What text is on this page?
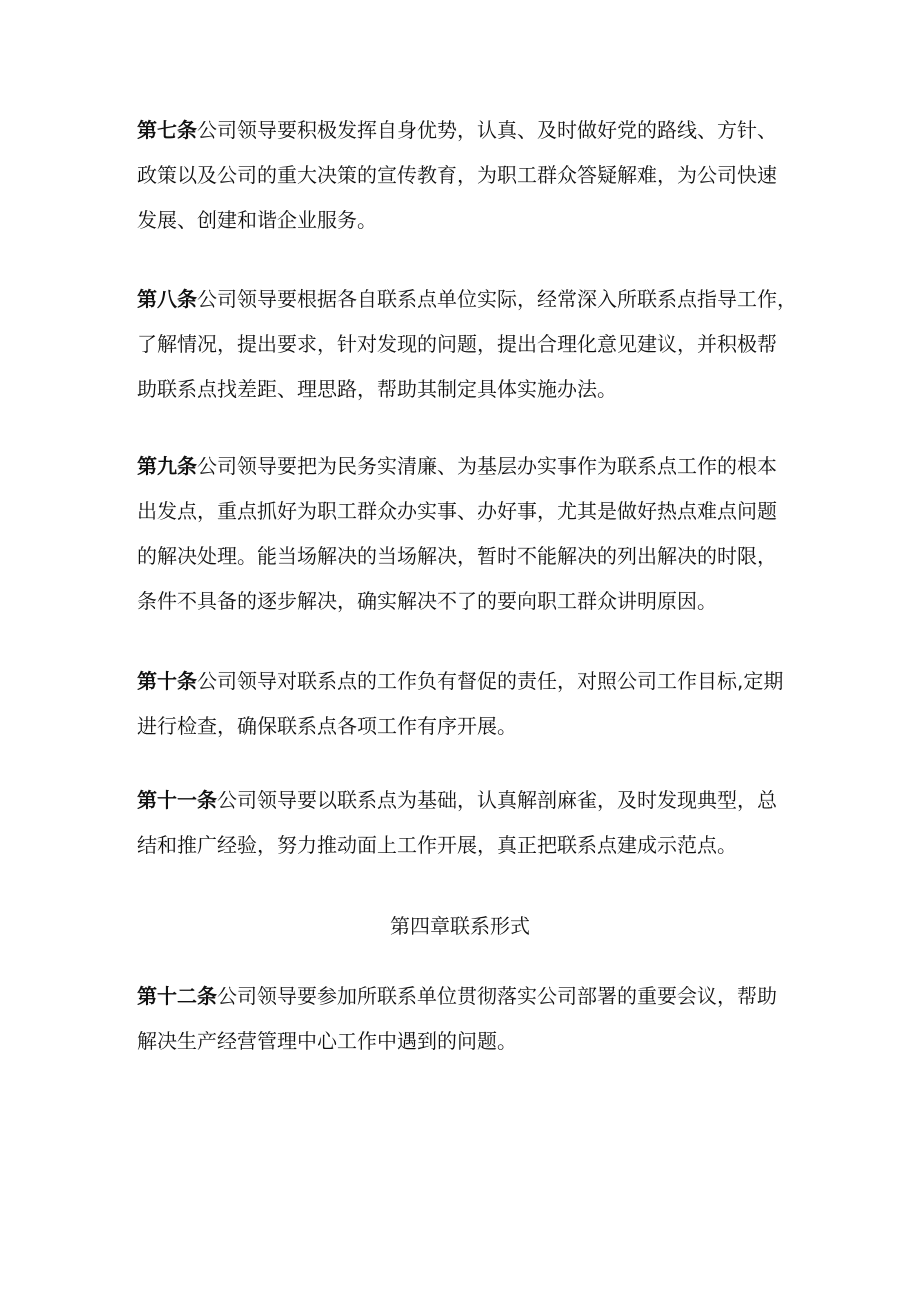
第七条公司领导要积极发挥自身优势，认真、及时做好党的路线、方针、
政策以及公司的重大决策的宣传教育，为职工群众答疑解难，为公司快速
发展、创建和谐企业服务。
第八条公司领导要根据各自联系点单位实际，经常深入所联系点指导工作，
了解情况，提出要求，针对发现的问题，提出合理化意见建议，并积极帮
助联系点找差距、理思路，帮助其制定具体实施办法。
第九条公司领导要把为民务实清廉、为基层办实事作为联系点工作的根本
出发点，重点抓好为职工群众办实事、办好事，尤其是做好热点难点问题
的解决处理。能当场解决的当场解决，暂时不能解决的列出解决的时限，
条件不具备的逐步解决，确实解决不了的要向职工群众讲明原因。
第十条公司领导对联系点的工作负有督促的责任，对照公司工作目标,定期
进行检查，确保联系点各项工作有序开展。
第十一条公司领导要以联系点为基础，认真解剖麻雀，及时发现典型，总
结和推广经验，努力推动面上工作开展，真正把联系点建成示范点。
第四章联系形式
第十二条公司领导要参加所联系单位贯彻落实公司部署的重要会议，帮助
解决生产经营管理中心工作中遇到的问题。
